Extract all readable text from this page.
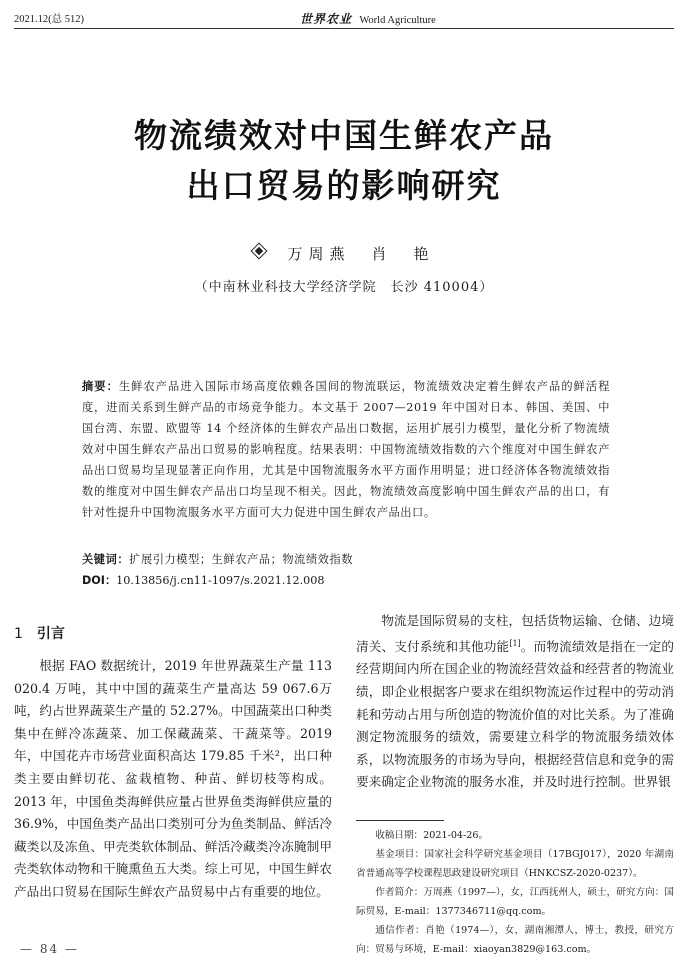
2021.12(总 512)	世界农业 World Agriculture
物流绩效对中国生鲜农产品
出口贸易的影响研究
万周燕　肖　艳
（中南林业科技大学经济学院　长沙 410004）
摘要：生鲜农产品进入国际市场高度依赖各国间的物流联运，物流绩效决定着生鲜农产品的鲜活程度，进而关系到生鲜产品的市场竞争能力。本文基于 2007—2019 年中国对日本、韩国、美国、中国台湾、东盟、欧盟等 14 个经济体的生鲜农产品出口数据，运用扩展引力模型，量化分析了物流绩效对中国生鲜农产品出口贸易的影响程度。结果表明：中国物流绩效指数的六个维度对中国生鲜农产品出口贸易均呈现显著正向作用，尤其是中国物流服务水平方面作用明显；进口经济体各物流绩效指数的维度对中国生鲜农产品出口均呈现不相关。因此，物流绩效高度影响中国生鲜农产品的出口，有针对性提升中国物流服务水平方面可大力促进中国生鲜农产品出口。
关键词：扩展引力模型；生鲜农产品；物流绩效指数
DOI：10.13856/j.cn11-1097/s.2021.12.008
1 引言

根据 FAO 数据统计，2019 年世界蔬菜生产量 113 020.4 万吨，其中中国的蔬菜生产量高达 59 067.6万吨，约占世界蔬菜生产量的 52.27%。中国蔬菜出口种类集中在鲜冷冻蔬菜、加工保藏蔬菜、干蔬菜等。2019 年，中国花卉市场营业面积高达 179.85 千米²，出口种类主要由鲜切花、盆栽植物、种苗、鲜切枝等构成。2013 年，中国鱼类海鲜供应量占世界鱼类海鲜供应量的 36.9%，中国鱼类产品出口类别可分为鱼类制品、鲜活冷藏类以及冻鱼、甲壳类软体制品、鲜活冷藏类冷冻腌制甲壳类软体动物和干腌熏鱼五大类。综上可见，中国生鲜农产品出口贸易在国际生鲜农产品贸易中占有重要的地位。

物流是国际贸易的支柱，包括货物运输、仓储、边境清关、支付系统和其他功能[1]。而物流绩效是指在一定的经营期间内所在国企业的物流经营效益和经营者的物流业绩，即企业根据客户要求在组织物流运作过程中的劳动消耗和劳动占用与所创造的物流价值的对比关系。为了准确测定物流服务的绩效，需要建立科学的物流服务绩效体系，以物流服务的市场为导向，根据经营信息和竞争的需要来确定企业物流的服务水准，并及时进行控制。世界银

收稿日期：2021-04-26。

基金项目：国家社会科学研究基金项目（17BGJ017），2020 年湖南省普通高等学校课程思政建设研究项目（HNKCSZ-2020-0237）。

作者简介：万周燕（1997—），女，江西抚州人，硕士，研究方向：国际贸易，E-mail：1377346711@qq.com。

通信作者：肖艳（1974—），女，湖南湘潭人，博士，教授，研究方向：贸易与环境，E-mail：xiaoyan3829@163.com。

— 84 —
